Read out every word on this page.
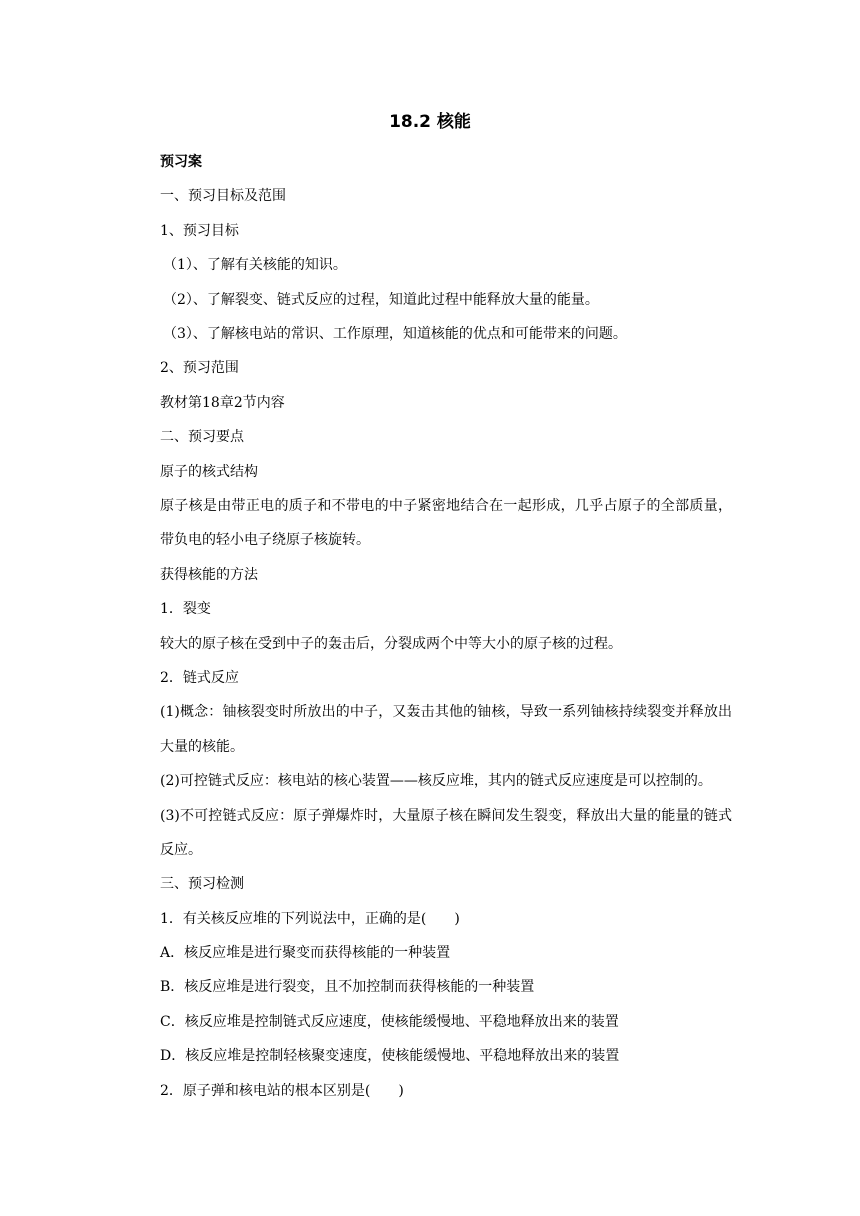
18.2 核能
预习案
一、预习目标及范围
1、预习目标
（1）、了解有关核能的知识。
（2）、了解裂变、链式反应的过程，知道此过程中能释放大量的能量。
（3）、了解核电站的常识、工作原理，知道核能的优点和可能带来的问题。
2、预习范围
教材第18章2节内容
二、预习要点
原子的核式结构
原子核是由带正电的质子和不带电的中子紧密地结合在一起形成，几乎占原子的全部质量，带负电的轻小电子绕原子核旋转。
获得核能的方法
1．裂变
较大的原子核在受到中子的轰击后，分裂成两个中等大小的原子核的过程。
2．链式反应
(1)概念：铀核裂变时所放出的中子，又轰击其他的铀核，导致一系列铀核持续裂变并释放出大量的核能。
(2)可控链式反应：核电站的核心装置——核反应堆，其内的链式反应速度是可以控制的。
(3)不可控链式反应：原子弹爆炸时，大量原子核在瞬间发生裂变，释放出大量的能量的链式反应。
三、预习检测
1．有关核反应堆的下列说法中，正确的是(　　)
A．核反应堆是进行聚变而获得核能的一种装置
B．核反应堆是进行裂变，且不加控制而获得核能的一种装置
C．核反应堆是控制链式反应速度，使核能缓慢地、平稳地释放出来的装置
D．核反应堆是控制轻核聚变速度，使核能缓慢地、平稳地释放出来的装置
2．原子弹和核电站的根本区别是(　　)
